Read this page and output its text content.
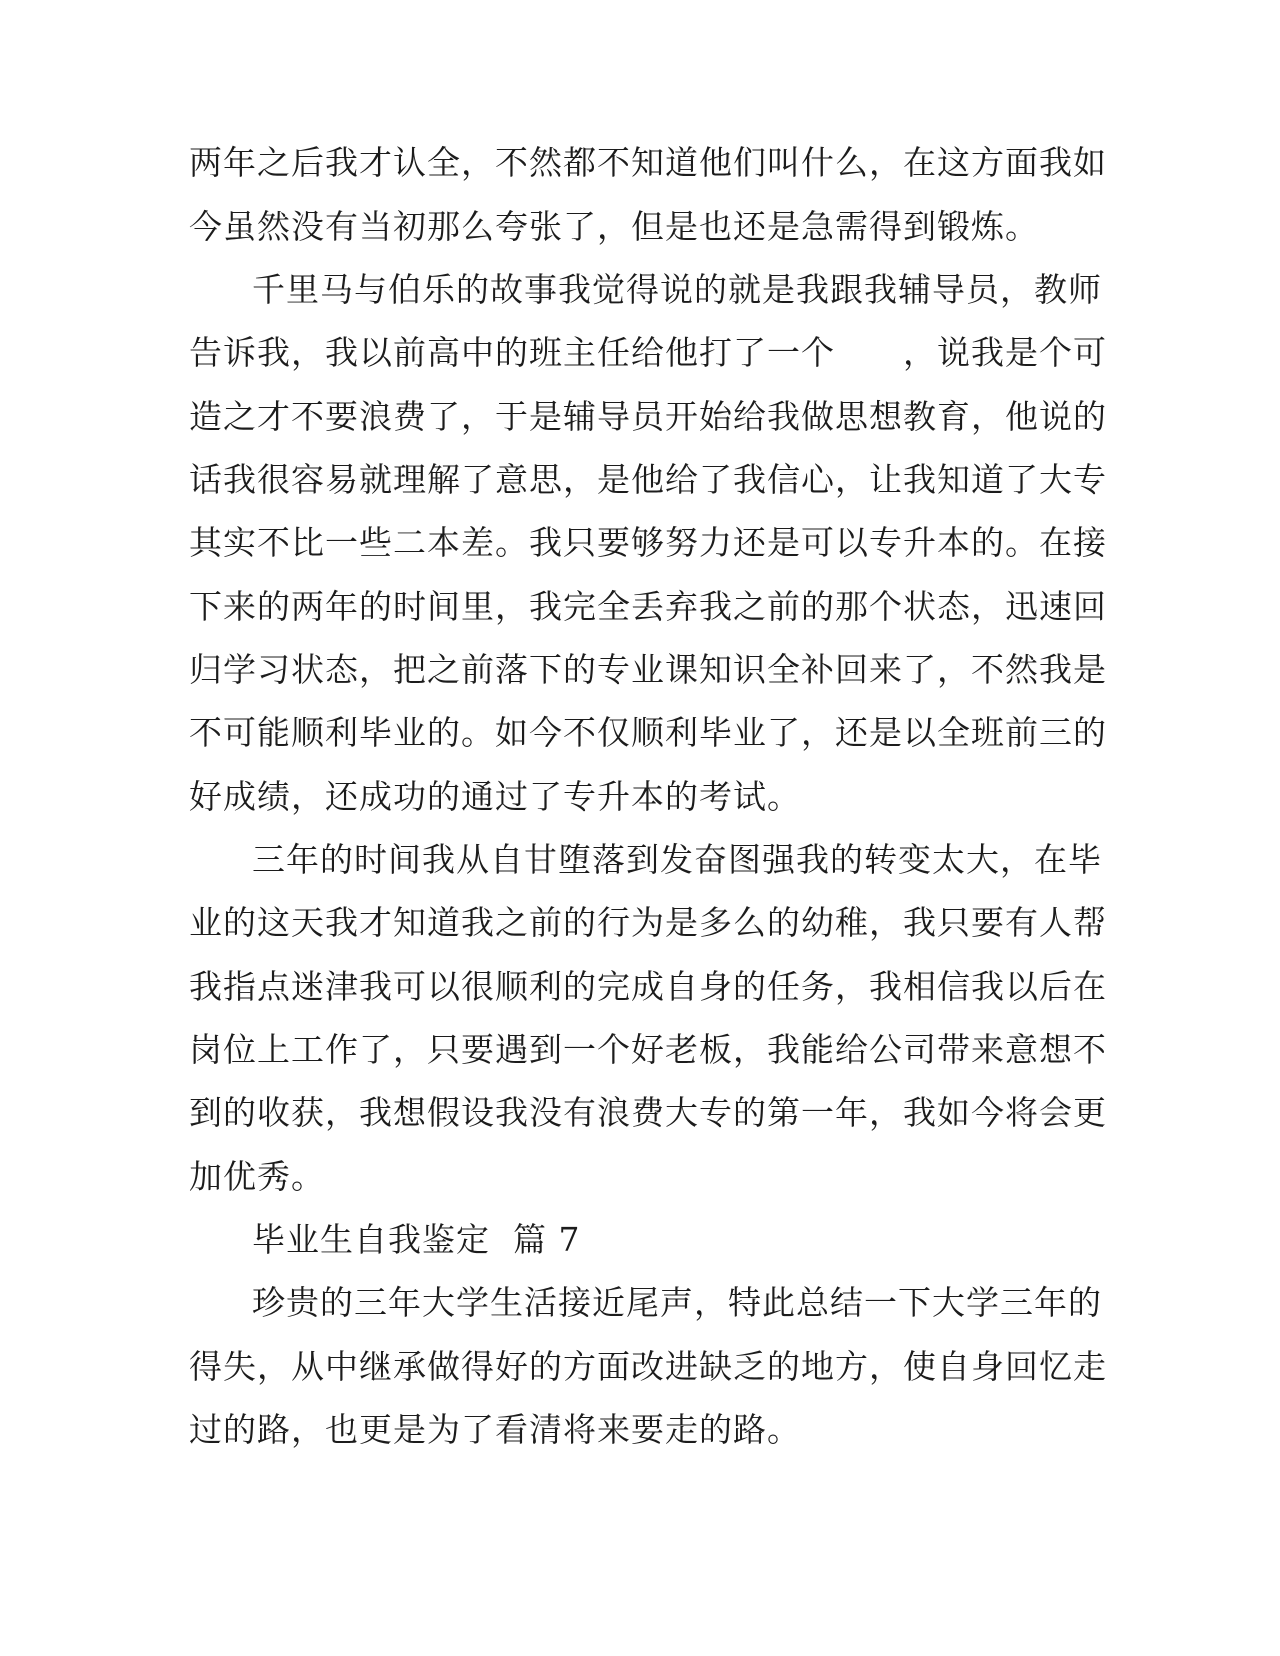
两年之后我才认全，不然都不知道他们叫什么，在这方面我如
今虽然没有当初那么夸张了，但是也还是急需得到锻炼。
千里马与伯乐的故事我觉得说的就是我跟我辅导员，教师
告诉我，我以前高中的班主任给他打了一个　　，说我是个可
造之才不要浪费了，于是辅导员开始给我做思想教育，他说的
话我很容易就理解了意思，是他给了我信心，让我知道了大专
其实不比一些二本差。我只要够努力还是可以专升本的。在接
下来的两年的时间里，我完全丢弃我之前的那个状态，迅速回
归学习状态，把之前落下的专业课知识全补回来了，不然我是
不可能顺利毕业的。如今不仅顺利毕业了，还是以全班前三的
好成绩，还成功的通过了专升本的考试。
三年的时间我从自甘堕落到发奋图强我的转变太大，在毕
业的这天我才知道我之前的行为是多么的幼稚，我只要有人帮
我指点迷津我可以很顺利的完成自身的任务，我相信我以后在
岗位上工作了，只要遇到一个好老板，我能给公司带来意想不
到的收获，我想假设我没有浪费大专的第一年，我如今将会更
加优秀。
毕业生自我鉴定  篇 7
珍贵的三年大学生活接近尾声，特此总结一下大学三年的
得失，从中继承做得好的方面改进缺乏的地方，使自身回忆走
过的路，也更是为了看清将来要走的路。
